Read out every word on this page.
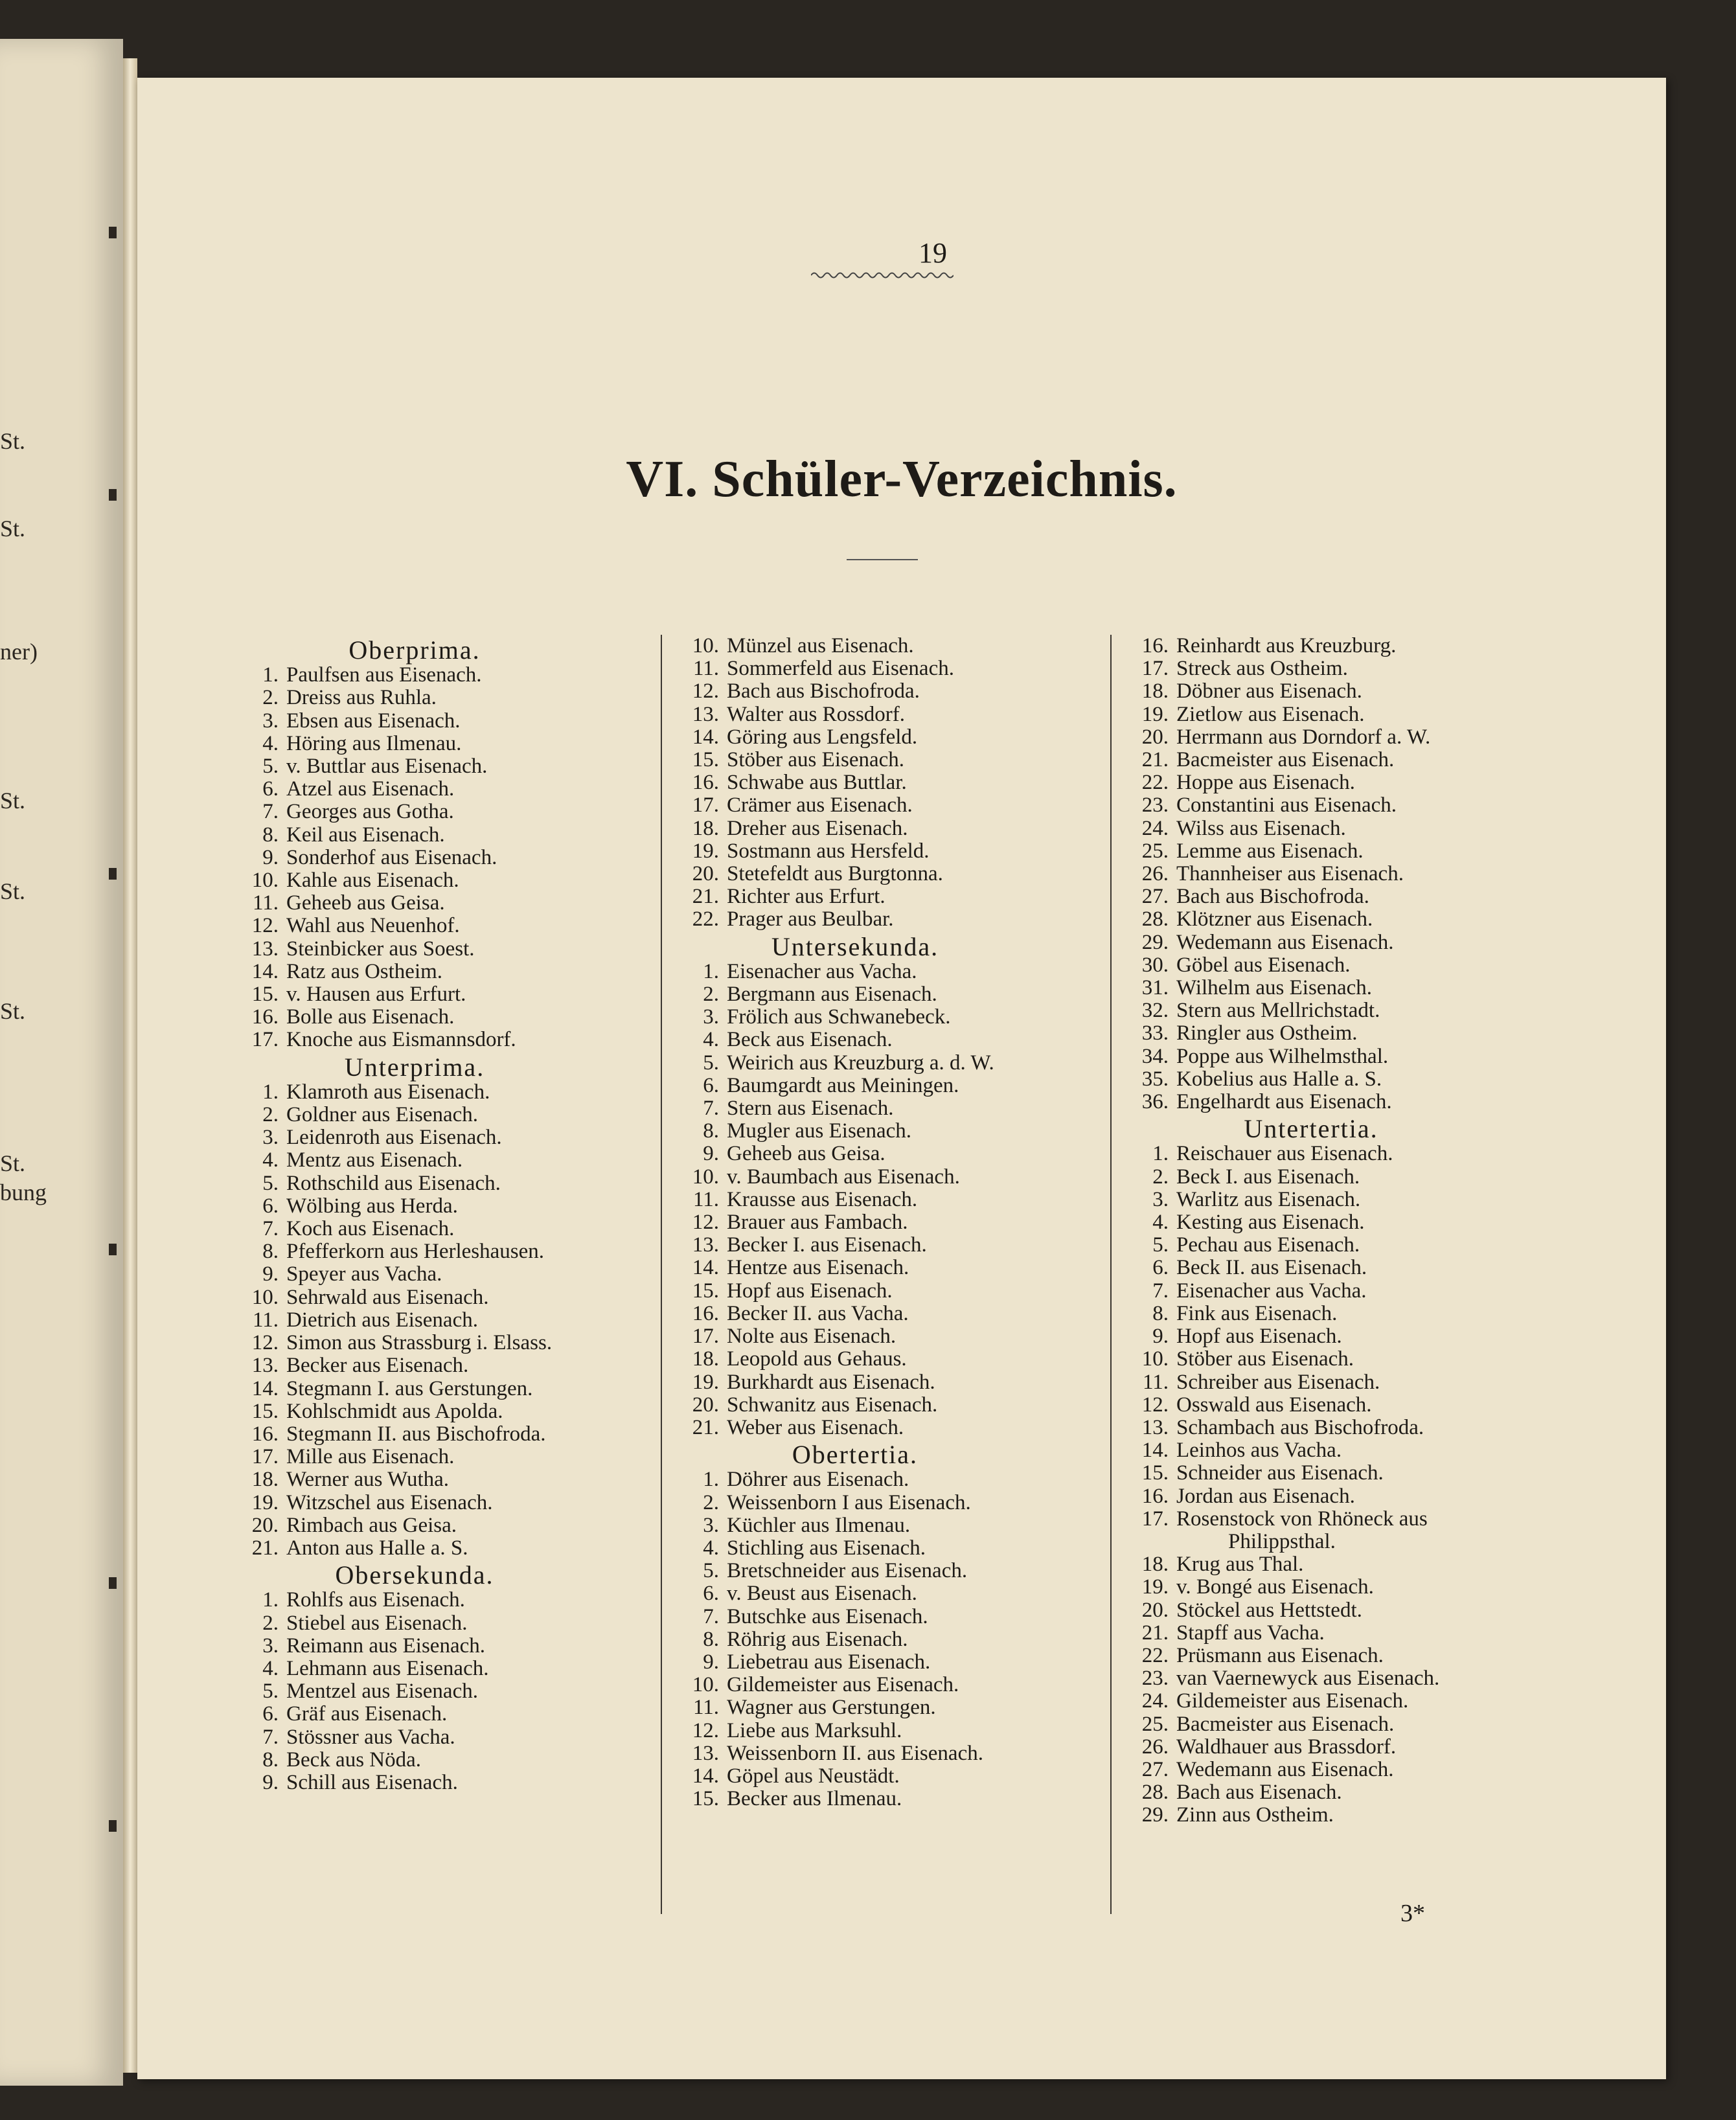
St.
St.
ner)
St.
St.
St.
St.
bung
19
VI. Schüler-Verzeichnis.
Oberprima.
1. Paulfsen aus Eisenach.
2. Dreiss aus Ruhla.
3. Ebsen aus Eisenach.
4. Höring aus Ilmenau.
5. v. Buttlar aus Eisenach.
6. Atzel aus Eisenach.
7. Georges aus Gotha.
8. Keil aus Eisenach.
9. Sonderhof aus Eisenach.
10. Kahle aus Eisenach.
11. Geheeb aus Geisa.
12. Wahl aus Neuenhof.
13. Steinbicker aus Soest.
14. Ratz aus Ostheim.
15. v. Hausen aus Erfurt.
16. Bolle aus Eisenach.
17. Knoche aus Eismannsdorf.
Unterprima.
1. Klamroth aus Eisenach.
2. Goldner aus Eisenach.
3. Leidenroth aus Eisenach.
4. Mentz aus Eisenach.
5. Rothschild aus Eisenach.
6. Wölbing aus Herda.
7. Koch aus Eisenach.
8. Pfefferkorn aus Herleshausen.
9. Speyer aus Vacha.
10. Sehrwald aus Eisenach.
11. Dietrich aus Eisenach.
12. Simon aus Strassburg i. Elsass.
13. Becker aus Eisenach.
14. Stegmann I. aus Gerstungen.
15. Kohlschmidt aus Apolda.
16. Stegmann II. aus Bischofroda.
17. Mille aus Eisenach.
18. Werner aus Wutha.
19. Witzschel aus Eisenach.
20. Rimbach aus Geisa.
21. Anton aus Halle a. S.
Obersekunda.
1. Rohlfs aus Eisenach.
2. Stiebel aus Eisenach.
3. Reimann aus Eisenach.
4. Lehmann aus Eisenach.
5. Mentzel aus Eisenach.
6. Gräf aus Eisenach.
7. Stössner aus Vacha.
8. Beck aus Nöda.
9. Schill aus Eisenach.
10. Münzel aus Eisenach.
11. Sommerfeld aus Eisenach.
12. Bach aus Bischofroda.
13. Walter aus Rossdorf.
14. Göring aus Lengsfeld.
15. Stöber aus Eisenach.
16. Schwabe aus Buttlar.
17. Crämer aus Eisenach.
18. Dreher aus Eisenach.
19. Sostmann aus Hersfeld.
20. Stetefeldt aus Burgtonna.
21. Richter aus Erfurt.
22. Prager aus Beulbar.
Untersekunda.
1. Eisenacher aus Vacha.
2. Bergmann aus Eisenach.
3. Frölich aus Schwanebeck.
4. Beck aus Eisenach.
5. Weirich aus Kreuzburg a. d. W.
6. Baumgardt aus Meiningen.
7. Stern aus Eisenach.
8. Mugler aus Eisenach.
9. Geheeb aus Geisa.
10. v. Baumbach aus Eisenach.
11. Krausse aus Eisenach.
12. Brauer aus Fambach.
13. Becker I. aus Eisenach.
14. Hentze aus Eisenach.
15. Hopf aus Eisenach.
16. Becker II. aus Vacha.
17. Nolte aus Eisenach.
18. Leopold aus Gehaus.
19. Burkhardt aus Eisenach.
20. Schwanitz aus Eisenach.
21. Weber aus Eisenach.
Obertertia.
1. Döhrer aus Eisenach.
2. Weissenborn I aus Eisenach.
3. Küchler aus Ilmenau.
4. Stichling aus Eisenach.
5. Bretschneider aus Eisenach.
6. v. Beust aus Eisenach.
7. Butschke aus Eisenach.
8. Röhrig aus Eisenach.
9. Liebetrau aus Eisenach.
10. Gildemeister aus Eisenach.
11. Wagner aus Gerstungen.
12. Liebe aus Marksuhl.
13. Weissenborn II. aus Eisenach.
14. Göpel aus Neustädt.
15. Becker aus Ilmenau.
16. Reinhardt aus Kreuzburg.
17. Streck aus Ostheim.
18. Döbner aus Eisenach.
19. Zietlow aus Eisenach.
20. Herrmann aus Dorndorf a. W.
21. Bacmeister aus Eisenach.
22. Hoppe aus Eisenach.
23. Constantini aus Eisenach.
24. Wilss aus Eisenach.
25. Lemme aus Eisenach.
26. Thannheiser aus Eisenach.
27. Bach aus Bischofroda.
28. Klötzner aus Eisenach.
29. Wedemann aus Eisenach.
30. Göbel aus Eisenach.
31. Wilhelm aus Eisenach.
32. Stern aus Mellrichstadt.
33. Ringler aus Ostheim.
34. Poppe aus Wilhelmsthal.
35. Kobelius aus Halle a. S.
36. Engelhardt aus Eisenach.
Untertertia.
1. Reischauer aus Eisenach.
2. Beck I. aus Eisenach.
3. Warlitz aus Eisenach.
4. Kesting aus Eisenach.
5. Pechau aus Eisenach.
6. Beck II. aus Eisenach.
7. Eisenacher aus Vacha.
8. Fink aus Eisenach.
9. Hopf aus Eisenach.
10. Stöber aus Eisenach.
11. Schreiber aus Eisenach.
12. Osswald aus Eisenach.
13. Schambach aus Bischofroda.
14. Leinhos aus Vacha.
15. Schneider aus Eisenach.
16. Jordan aus Eisenach.
17. Rosenstock von Rhöneck aus
Philippsthal.
18. Krug aus Thal.
19. v. Bongé aus Eisenach.
20. Stöckel aus Hettstedt.
21. Stapff aus Vacha.
22. Prüsmann aus Eisenach.
23. van Vaernewyck aus Eisenach.
24. Gildemeister aus Eisenach.
25. Bacmeister aus Eisenach.
26. Waldhauer aus Brassdorf.
27. Wedemann aus Eisenach.
28. Bach aus Eisenach.
29. Zinn aus Ostheim.
3*
